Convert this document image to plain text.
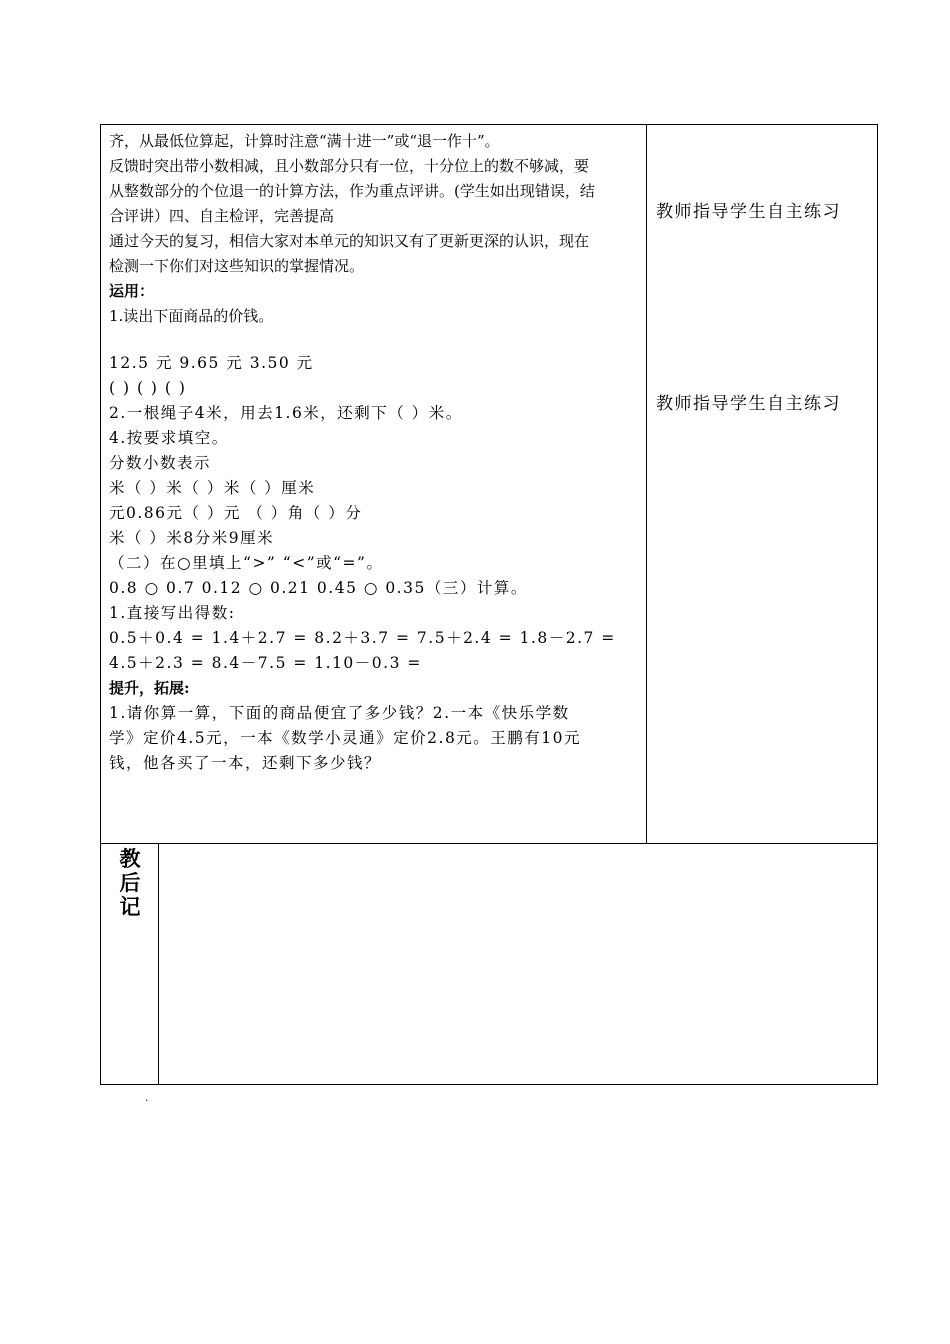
齐，从最低位算起，计算时注意“满十进一”或“退一作十”。
反馈时突出带小数相减，且小数部分只有一位，十分位上的数不够减，要
从整数部分的个位退一的计算方法，作为重点评讲。(学生如出现错误，结
合评讲）四、自主检评，完善提高
通过今天的复习，相信大家对本单元的知识又有了更新更深的认识，现在
检测一下你们对这些知识的掌握情况。
运用：
1.读出下面商品的价钱。
12.5 元 9.65 元 3.50 元
( ) ( ) ( )
2.一根绳子4米，用去1.6米，还剩下（ ）米。
4.按要求填空。
分数小数表示
米（ ）米（ ）米（ ）厘米
元0.86元（ ）元 （ ）角（ ）分
米（ ）米8分米9厘米
（二）在○里填上“>” “<”或“=”。
0.8 ○ 0.7 0.12 ○ 0.21 0.45 ○ 0.35（三）计算。
1.直接写出得数:
0.5＋0.4 = 1.4＋2.7 = 8.2＋3.7 = 7.5＋2.4 = 1.8－2.7 =
4.5＋2.3 = 8.4－7.5 = 1.10－0.3 =
提升，拓展:
1.请你算一算，下面的商品便宜了多少钱？2.一本《快乐学数
学》定价4.5元，一本《数学小灵通》定价2.8元。王鹏有10元
钱，他各买了一本，还剩下多少钱？
教师指导学生自主练习
教师指导学生自主练习
教后记
.
